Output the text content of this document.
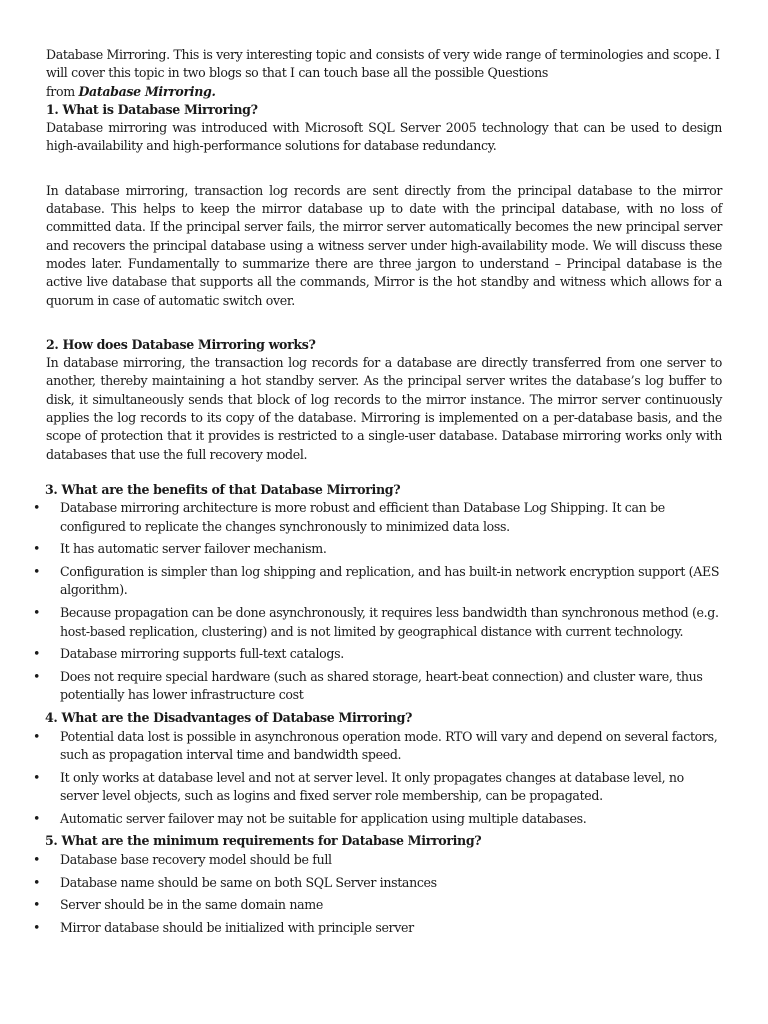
Database Mirroring. This is very interesting topic and consists of very wide range of terminologies and scope. I will cover this topic in two blogs so that I can touch base all the possible Questions

from Database Mirroring.

1. What is Database Mirroring?

Database mirroring was introduced with Microsoft SQL Server 2005 technology that can be used to design high-availability and high-performance solutions for database redundancy.

In database mirroring, transaction log records are sent directly from the principal database to the mirror database. This helps to keep the mirror database up to date with the principal database, with no loss of committed data. If the principal server fails, the mirror server automatically becomes the new principal server and recovers the principal database using a witness server under high-availability mode. We will discuss these modes later. Fundamentally to summarize there are three jargon to understand – Principal database is the active live database that supports all the commands, Mirror is the hot standby and witness which allows for a quorum in case of automatic switch over.

2. How does Database Mirroring works?

In database mirroring, the transaction log records for a database are directly transferred from one server to another, thereby maintaining a hot standby server. As the principal server writes the database’s log buffer to disk, it simultaneously sends that block of log records to the mirror instance. The mirror server continuously applies the log records to its copy of the database. Mirroring is implemented on a per-database basis, and the scope of protection that it provides is restricted to a single-user database. Database mirroring works only with databases that use the full recovery model.

3. What are the benefits of that Database Mirroring?

• Database mirroring architecture is more robust and efficient than Database Log Shipping. It can be configured to replicate the changes synchronously to minimized data loss.
• It has automatic server failover mechanism.
• Configuration is simpler than log shipping and replication, and has built-in network encryption support (AES algorithm).
• Because propagation can be done asynchronously, it requires less bandwidth than synchronous method (e.g. host-based replication, clustering) and is not limited by geographical distance with current technology.
• Database mirroring supports full-text catalogs.
• Does not require special hardware (such as shared storage, heart-beat connection) and cluster ware, thus potentially has lower infrastructure cost

4. What are the Disadvantages of Database Mirroring?

• Potential data lost is possible in asynchronous operation mode. RTO will vary and depend on several factors, such as propagation interval time and bandwidth speed.
• It only works at database level and not at server level. It only propagates changes at database level, no server level objects, such as logins and fixed server role membership, can be propagated.
• Automatic server failover may not be suitable for application using multiple databases.

5. What are the minimum requirements for Database Mirroring?

• Database base recovery model should be full
• Database name should be same on both SQL Server instances
• Server should be in the same domain name
• Mirror database should be initialized with principle server
